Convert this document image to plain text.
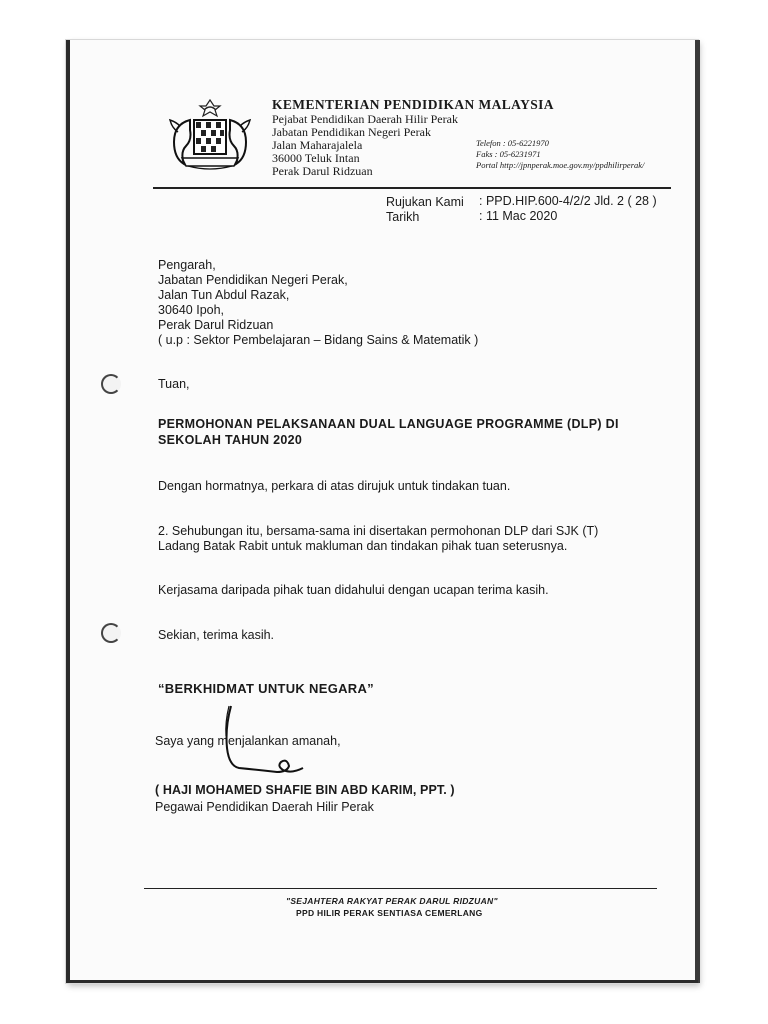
KEMENTERIAN PENDIDIKAN MALAYSIA
Pejabat Pendidikan Daerah Hilir Perak
Jabatan Pendidikan Negeri Perak
Jalan Maharajalela
36000 Teluk Intan
Perak Darul Ridzuan
Telefon : 05-6221970
Faks : 05-6231971
Portal http://jpnperak.moe.gov.my/ppdhilirperak/
Rujukan Kami : PPD.HIP.600-4/2/2 Jld. 2 ( 28 )
Tarikh	: 11 Mac 2020
Pengarah,
Jabatan Pendidikan Negeri Perak,
Jalan Tun Abdul Razak,
30640 Ipoh,
Perak Darul Ridzuan
( u.p : Sektor Pembelajaran – Bidang Sains & Matematik )
Tuan,
PERMOHONAN PELAKSANAAN DUAL LANGUAGE PROGRAMME (DLP) DI
SEKOLAH TAHUN 2020
Dengan hormatnya, perkara di atas dirujuk untuk tindakan tuan.
2. Sehubungan itu, bersama-sama ini disertakan permohonan DLP dari SJK (T)
Ladang Batak Rabit untuk makluman dan tindakan pihak tuan seterusnya.
Kerjasama daripada pihak tuan didahului dengan ucapan terima kasih.
Sekian, terima kasih.
“BERKHIDMAT UNTUK NEGARA”
Saya yang menjalankan amanah,
( HAJI MOHAMED SHAFIE BIN ABD KARIM, PPT. )
Pegawai Pendidikan Daerah Hilir Perak
"SEJAHTERA RAKYAT PERAK DARUL RIDZUAN"
PPD HILIR PERAK SENTIASA CEMERLANG
